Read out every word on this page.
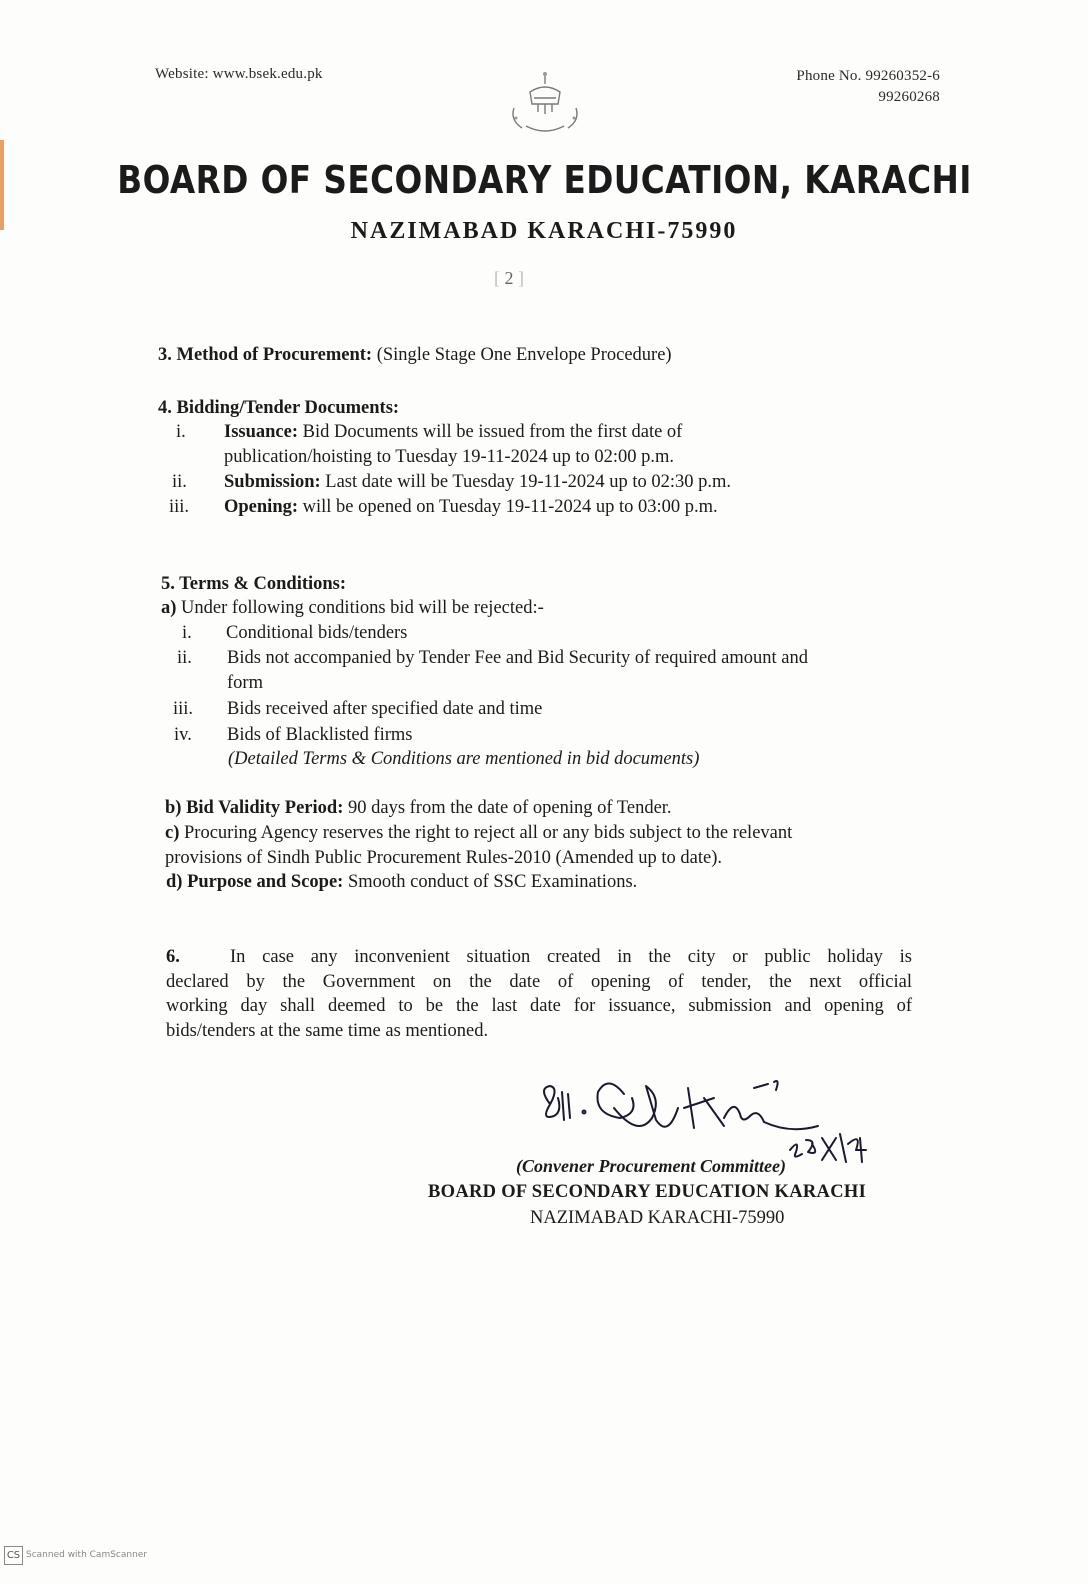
Website: www.bsek.edu.pk	Phone No. 99260352-6
99260268
BOARD OF SECONDARY EDUCATION, KARACHI
NAZIMABAD KARACHI-75990
[ 2 ]
3. Method of Procurement: (Single Stage One Envelope Procedure)
4. Bidding/Tender Documents:
i. Issuance: Bid Documents will be issued from the first date of
publication/hoisting to Tuesday 19-11-2024 up to 02:00 p.m.
ii. Submission: Last date will be Tuesday 19-11-2024 up to 02:30 p.m.
iii. Opening: will be opened on Tuesday 19-11-2024 up to 03:00 p.m.
5. Terms & Conditions:
a) Under following conditions bid will be rejected:-
i. Conditional bids/tenders
ii. Bids not accompanied by Tender Fee and Bid Security of required amount and
form
iii. Bids received after specified date and time
iv. Bids of Blacklisted firms
(Detailed Terms & Conditions are mentioned in bid documents)
b) Bid Validity Period: 90 days from the date of opening of Tender.
c) Procuring Agency reserves the right to reject all or any bids subject to the relevant
provisions of Sindh Public Procurement Rules-2010 (Amended up to date).
d) Purpose and Scope: Smooth conduct of SSC Examinations.
6.	In case any inconvenient situation created in the city or public holiday is
declared by the Government on the date of opening of tender, the next official
working day shall deemed to be the last date for issuance, submission and opening of
bids/tenders at the same time as mentioned.
(Convener Procurement Committee)
BOARD OF SECONDARY EDUCATION KARACHI
NAZIMABAD KARACHI-75990
CS Scanned with CamScanner
